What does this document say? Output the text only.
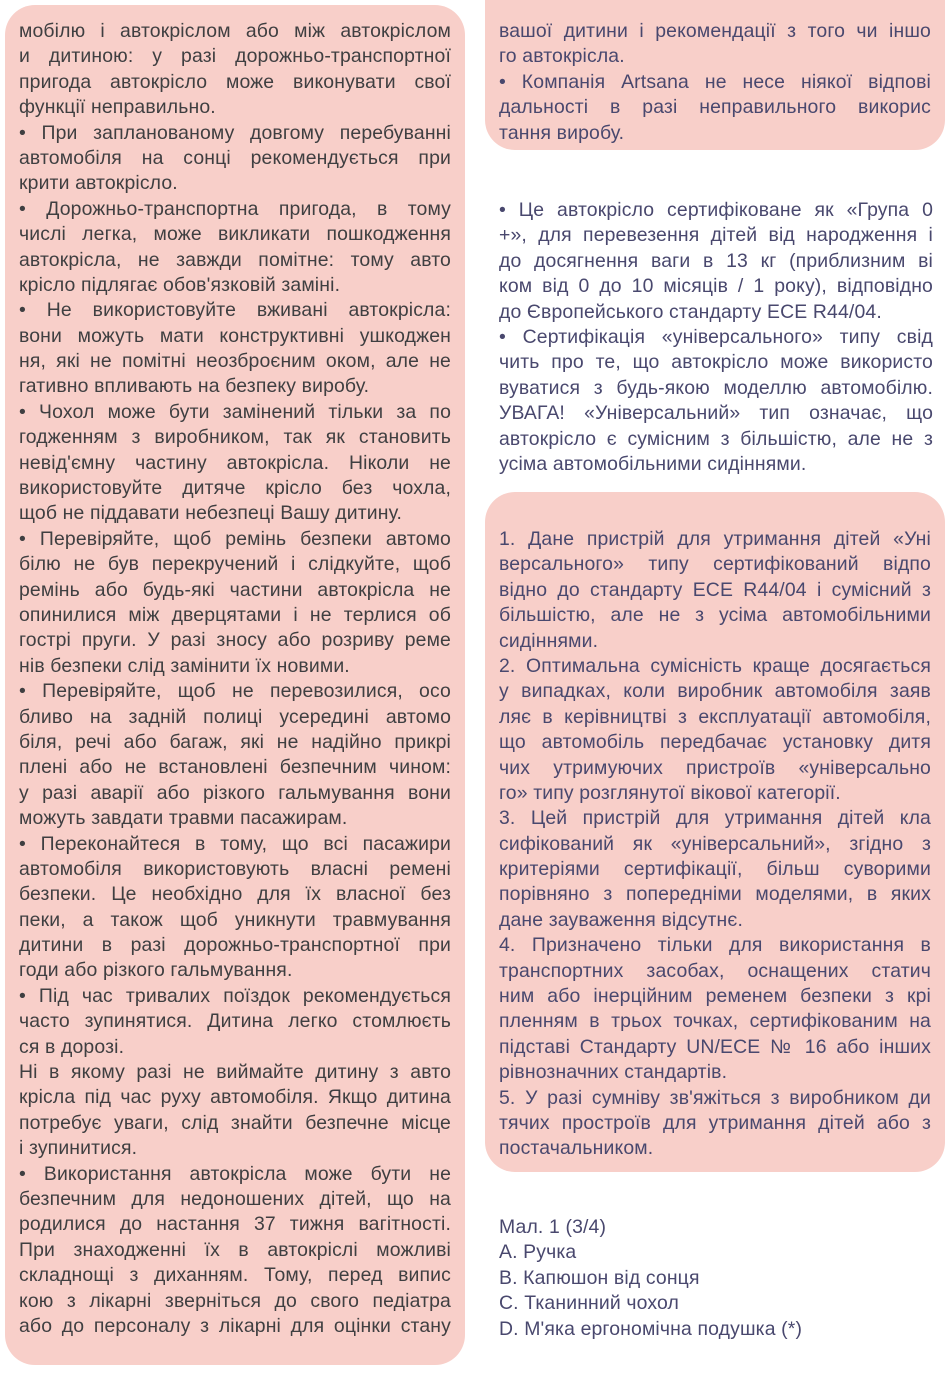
мобілю і автокріслом або між автокріслом
и дитиною: у разі дорожньо-транспортної
пригода автокрісло може виконувати свої
функції неправильно.
• При запланованому довгому перебуванні
автомобіля на сонці рекомендується при
крити автокрісло.
• Дорожньо-транспортна пригода, в тому
числі легка, може викликати пошкодження
автокрісла, не завжди помітне: тому авто
крісло підлягає обов'язковій заміні.
• Не використовуйте вживані автокрісла:
вони можуть мати конструктивні ушкоджен
ня, які не помітні неозброєним оком, але не
гативно впливають на безпеку виробу.
• Чохол може бути замінений тільки за по
годженням з виробником, так як становить
невід'ємну частину автокрісла. Ніколи не
використовуйте дитяче крісло без чохла,
щоб не піддавати небезпеці Вашу дитину.
• Перевіряйте, щоб ремінь безпеки автомо
білю не був перекручений і слідкуйте, щоб
ремінь або будь-які частини автокрісла не
опинилися між дверцятами і не терлися об
гострі пруги. У разі зносу або розриву реме
нів безпеки слід замінити їх новими.
• Перевіряйте, щоб не перевозилися, осо
бливо на задній полиці усередині автомо
біля, речі або багаж, які не надійно прикрі
плені або не встановлені безпечним чином:
у разі аварії або різкого гальмування вони
можуть завдати травми пасажирам.
• Переконайтеся в тому, що всі пасажири
автомобіля використовують власні ремені
безпеки. Це необхідно для їх власної без
пеки, а також щоб уникнути травмування
дитини в разі дорожньо-транспортної при
годи або різкого гальмування.
• Під час тривалих поїздок рекомендується
часто зупинятися. Дитина легко стомлюєть
ся в дорозі.
Ні в якому разі не виймайте дитину з авто
крісла під час руху автомобіля. Якщо дитина
потребує уваги, слід знайти безпечне місце
і зупинитися.
• Використання автокрісла може бути не
безпечним для недоношених дітей, що на
родилися до настання 37 тижня вагітності.
При знаходженні їх в автокріслі можливі
складнощі з диханням. Тому, перед випис
кою з лікарні зверніться до свого педіатра
або до персоналу з лікарні для оцінки стану
вашої дитини і рекомендації з того чи іншо
го автокрісла.
• Компанія Artsana не несе ніякої відпові
дальності в разі неправильного викорис
тання виробу.
• Це автокрісло сертифіковане як «Група 0
+», для перевезення дітей від народження і
до досягнення ваги в 13 кг (приблизним ві
ком від 0 до 10 місяців / 1 року), відповідно
до Європейського стандарту ECE R44/04.
• Сертифікація «універсального» типу свід
чить про те, що автокрісло може використо
вуватися з будь-якою моделлю автомобілю.
УВАГА! «Універсальний» тип означає, що
автокрісло є сумісним з більшістю, але не з
усіма автомобільними сидіннями.
1. Дане пристрій для утримання дітей «Уні
версального» типу сертифікований відпо
відно до стандарту ECE R44/04 і сумісний з
більшістю, але не з усіма автомобільними
сидіннями.
2. Оптимальна сумісність краще досягається
у випадках, коли виробник автомобіля заяв
ляє в керівництві з експлуатації автомобіля,
що автомобіль передбачає установку дитя
чих утримуючих пристроїв «універсально
го» типу розглянутої вікової категорії.
3. Цей пристрій для утримання дітей кла
сифікований як «універсальний», згідно з
критеріями сертифікації, більш суворими
порівняно з попередніми моделями, в яких
дане зауваження відсутнє.
4. Призначено тільки для використання в
транспортних засобах, оснащених статич
ним або інерційним ременем безпеки з крі
пленням в трьох точках, сертифікованим на
підставі Стандарту UN/ECE № 16 або інших
рівнозначних стандартів.
5. У разі сумніву зв'яжіться з виробником ди
тячих простроїв для утримання дітей або з
постачальником.
Мал. 1 (3/4)
A. Ручка
B. Капюшон від сонця
C. Тканинний чохол
D. М'яка ергономічна подушка (*)
